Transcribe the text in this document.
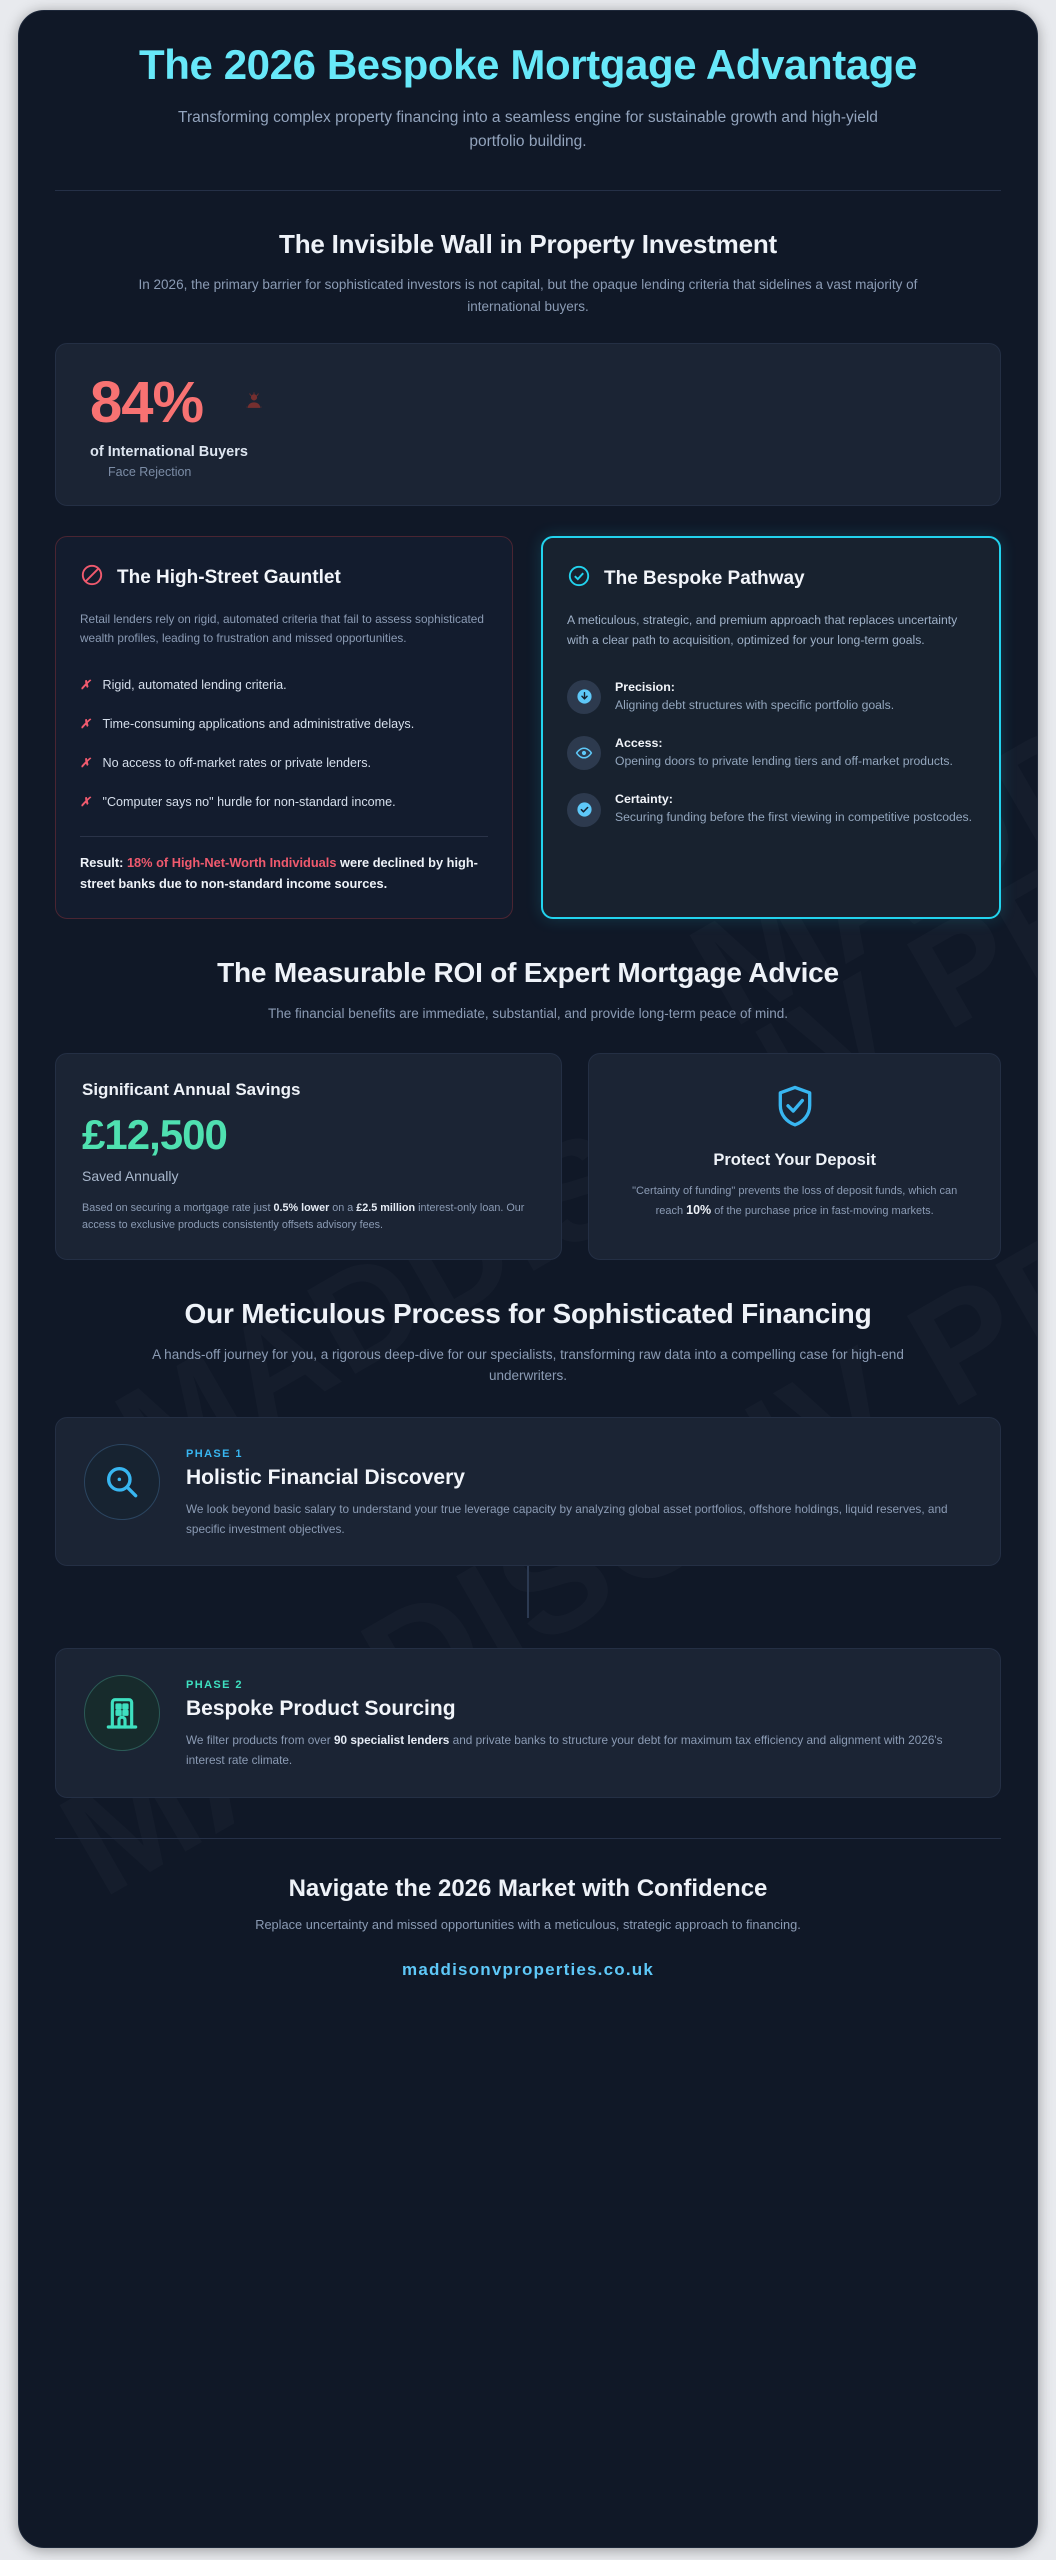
The 2026 Bespoke Mortgage Advantage

Transforming complex property financing into a seamless engine for sustainable growth and high-yield portfolio building.

The Invisible Wall in Property Investment
In 2026, the primary barrier for sophisticated investors is not capital, but the opaque lending criteria that sidelines a vast majority of international buyers.
84%
of International Buyers
Face Rejection
The High-Street Gauntlet
Retail lenders rely on rigid, automated criteria that fail to assess sophisticated wealth profiles, leading to frustration and missed opportunities.
✗ Rigid, automated lending criteria.
✗ Time-consuming applications and administrative delays.
✗ No access to off-market rates or private lenders.
✗ "Computer says no" hurdle for non-standard income.
Result: 18% of High-Net-Worth Individuals were declined by high-street banks due to non-standard income sources.
The Bespoke Pathway
A meticulous, strategic, and premium approach that replaces uncertainty with a clear path to acquisition, optimized for your long-term goals.
Precision:
Aligning debt structures with specific portfolio goals.
Access:
Opening doors to private lending tiers and off-market products.
Certainty:
Securing funding before the first viewing in competitive postcodes.
The Measurable ROI of Expert Mortgage Advice
The financial benefits are immediate, substantial, and provide long-term peace of mind.
Significant Annual Savings
£12,500
Saved Annually
Based on securing a mortgage rate just 0.5% lower on a £2.5 million interest-only loan. Our access to exclusive products consistently offsets advisory fees.
Protect Your Deposit

"Certainty of funding" prevents the loss of deposit funds, which can reach 10% of the purchase price in fast-moving markets.

Our Meticulous Process for Sophisticated Financing
A hands-off journey for you, a rigorous deep-dive for our specialists, transforming raw data into a compelling case for high-end underwriters.
PHASE 1
Holistic Financial Discovery

We look beyond basic salary to understand your true leverage capacity by analyzing global asset portfolios, offshore holdings, liquid reserves, and specific investment objectives.

PHASE 2
Bespoke Product Sourcing

We filter products from over 90 specialist lenders and private banks to structure your debt for maximum tax efficiency and alignment with 2026's interest rate climate.

Navigate the 2026 Market with Confidence

Replace uncertainty and missed opportunities with a meticulous, strategic approach to financing.

maddisonvproperties.co.uk
